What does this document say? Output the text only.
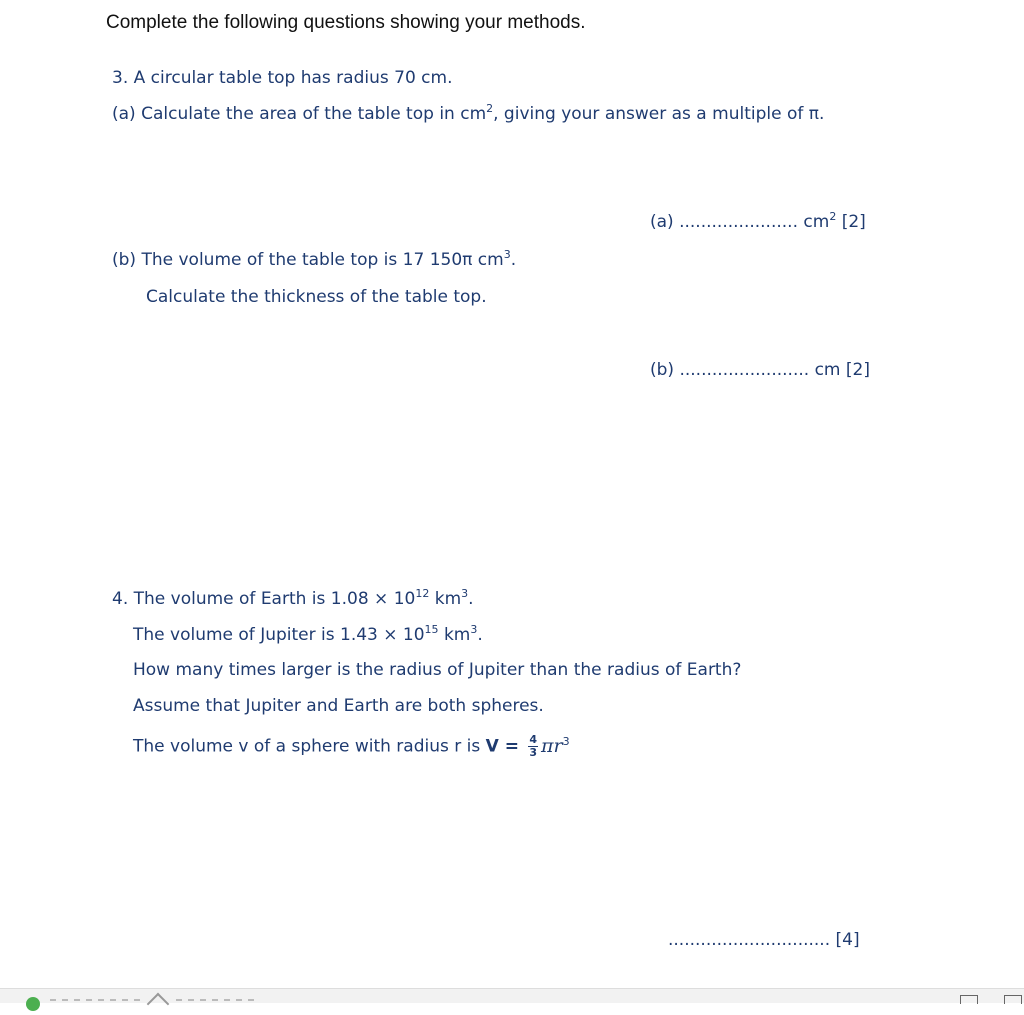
Complete the following questions showing your methods.
3. A circular table top has radius 70 cm.
(a) Calculate the area of the table top in $cm^2$, giving your answer as a multiple of π.
(a) ...................... $cm^2$ [2]
(b) The volume of the table top is 17 150π $cm^3$.
Calculate the thickness of the table top.
(b) ........................ cm [2]
4. The volume of Earth is $1.08 \times 10^{12}$ $km^3$.
The volume of Jupiter is $1.43 \times 10^{15}$ $km^3$.
How many times larger is the radius of Jupiter than the radius of Earth?
Assume that Jupiter and Earth are both spheres.
The volume v of a sphere with radius r is $V = \frac{4}{3} \pi r^3$
.............................. [4]
